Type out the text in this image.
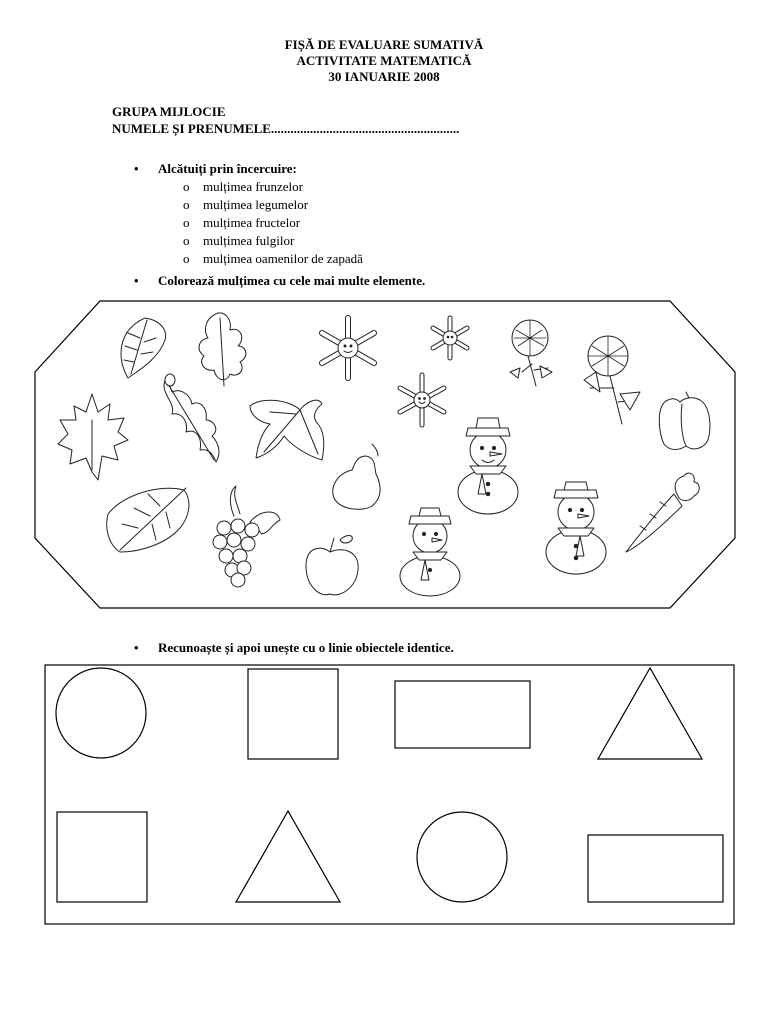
FIȘĂ DE EVALUARE SUMATIVĂ
ACTIVITATE MATEMATICĂ
30 IANUARIE 2008
GRUPA MIJLOCIE
NUMELE ȘI PRENUMELE..........................................................
• Alcătuiți prin încercuire:
o mulțimea frunzelor
o mulțimea legumelor
o mulțimea fructelor
o mulțimea fulgilor
o mulțimea oamenilor de zapadă
• Colorează mulțimea cu cele mai multe elemente.
• Recunoaște și apoi unește cu o linie obiectele identice.
